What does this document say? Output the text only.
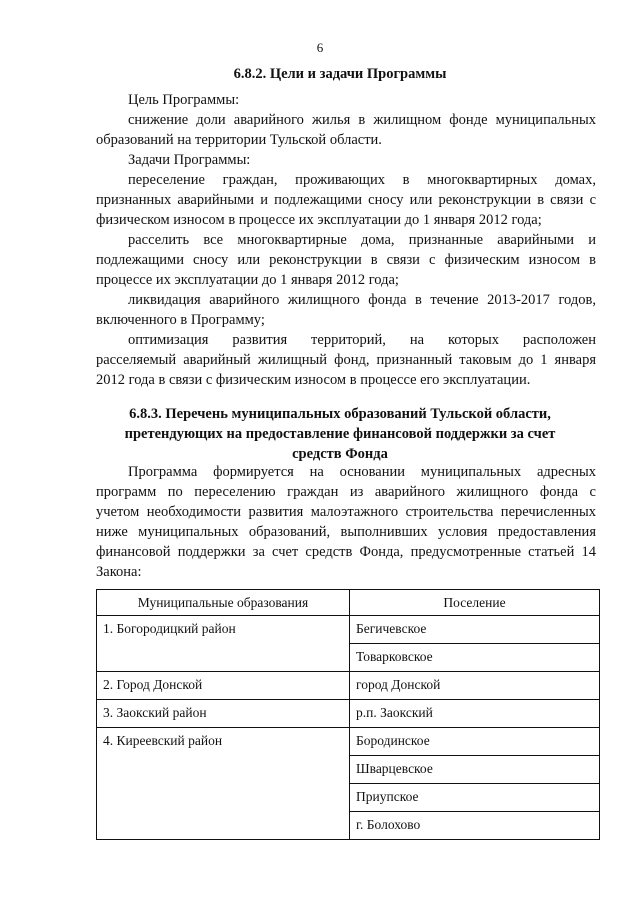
6
6.8.2. Цели и задачи Программы
Цель Программы:
снижение доли аварийного жилья в жилищном фонде муниципальных
образований на территории Тульской области.
Задачи Программы:
переселение граждан, проживающих в многоквартирных домах,
признанных аварийными и подлежащими сносу или реконструкции в связи с
физическом износом в процессе их эксплуатации до 1 января 2012 года;
расселить все многоквартирные дома, признанные аварийными и
подлежащими сносу или реконструкции в связи с физическим износом в
процессе их эксплуатации до 1 января 2012 года;
ликвидация аварийного жилищного фонда в течение 2013-2017 годов,
включенного в Программу;
оптимизация развития территорий, на которых расположен
расселяемый аварийный жилищный фонд, признанный таковым до 1 января
2012 года в связи с физическим износом в процессе его эксплуатации.
6.8.3. Перечень муниципальных образований Тульской области,
претендующих на предоставление финансовой поддержки за счет
средств Фонда
Программа формируется на основании муниципальных адресных
программ по переселению граждан из аварийного жилищного фонда с
учетом необходимости развития малоэтажного строительства перечисленных
ниже муниципальных образований, выполнивших условия предоставления
финансовой поддержки за счет средств Фонда, предусмотренные статьей 14
Закона:
Муниципальные образования	Поселение
1. Богородицкий район	Бегичевское
	Товарковское
2. Город Донской	город Донской
3. Заокский район	р.п. Заокский
4. Киреевский район	Бородинское
	Шварцевское
	Приупское
	г. Болохово
